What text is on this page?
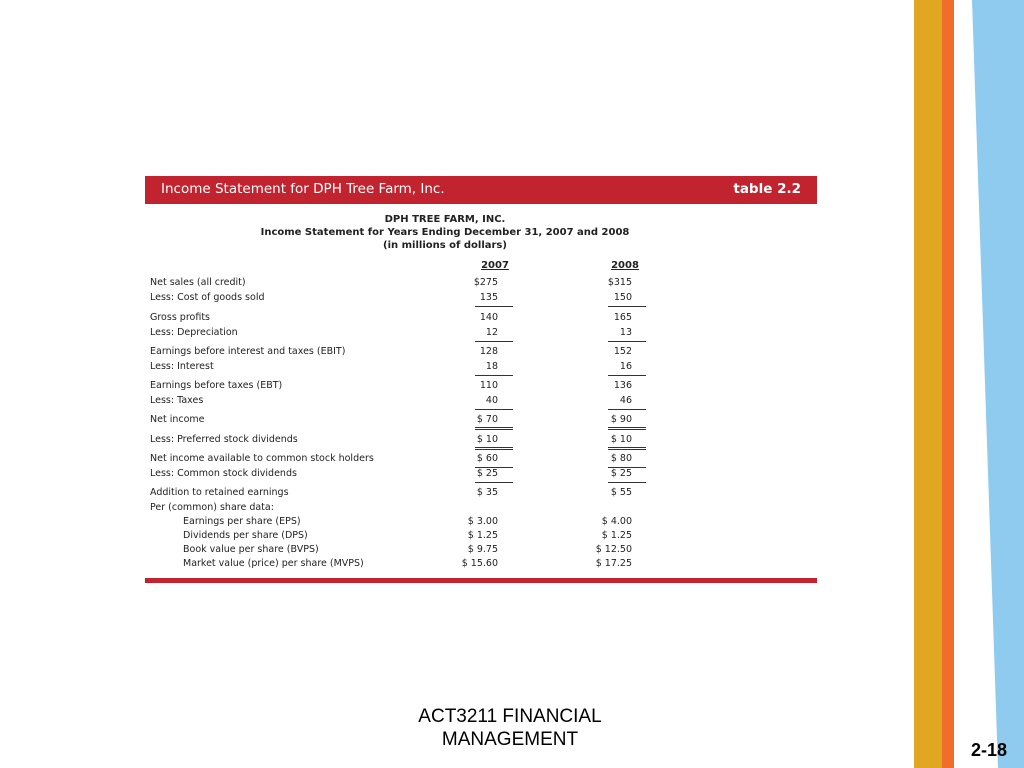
Income Statement for DPH Tree Farm, Inc.	table 2.2
DPH TREE FARM, INC.
Income Statement for Years Ending December 31, 2007 and 2008
(in millions of dollars)
2007	2008
Net sales (all credit)	$275	$315
Less: Cost of goods sold	135	150
Gross profits	140	165
Less: Depreciation	12	13
Earnings before interest and taxes (EBIT)	128	152
Less: Interest	18	16
Earnings before taxes (EBT)	110	136
Less: Taxes	40	46
Net income	$ 70	$ 90
Less: Preferred stock dividends	$ 10	$ 10
Net income available to common stock holders	$ 60	$ 80
Less: Common stock dividends	$ 25	$ 25
Addition to retained earnings	$ 35	$ 55
Per (common) share data:
Earnings per share (EPS)	$ 3.00	$ 4.00
Dividends per share (DPS)	$ 1.25	$ 1.25
Book value per share (BVPS)	$ 9.75	$ 12.50
Market value (price) per share (MVPS)	$ 15.60	$ 17.25
ACT3211 FINANCIAL
MANAGEMENT	2-18
